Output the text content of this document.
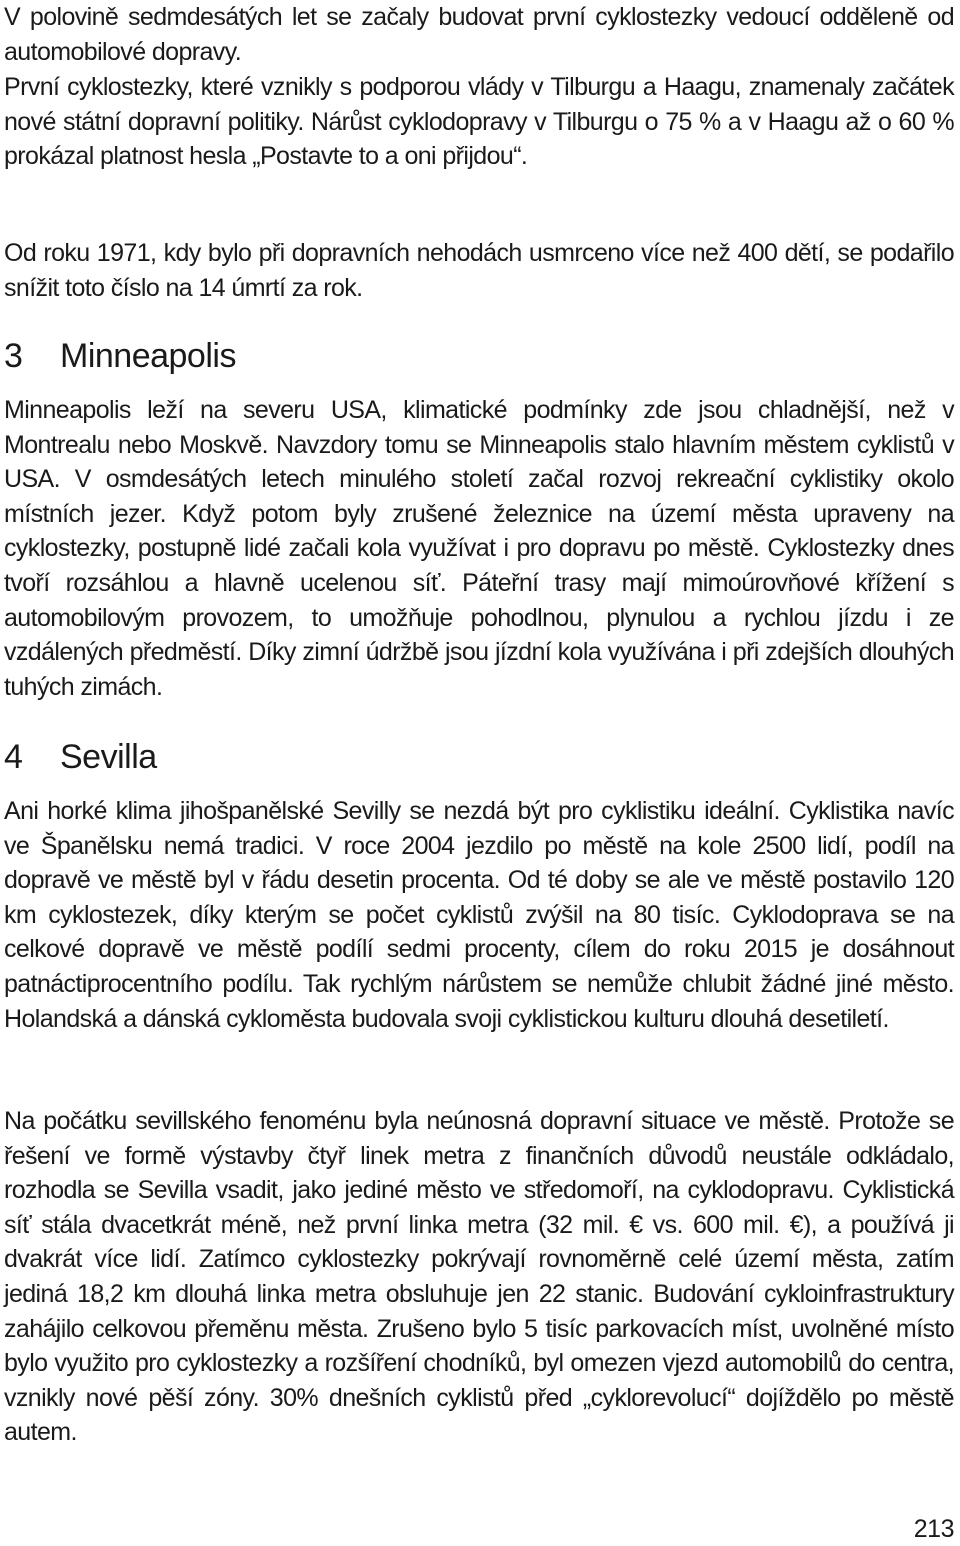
V polovině sedmdesátých let se začaly budovat první cyklostezky vedoucí odděleně od automobilové dopravy.

První cyklostezky, které vznikly s podporou vlády v Tilburgu a Haagu, znamenaly začátek nové státní dopravní politiky. Nárůst cyklodopravy v Tilburgu o 75 % a v Haagu až o 60 % prokázal platnost hesla „Postavte to a oni přijdou“.

Od roku 1971, kdy bylo při dopravních nehodách usmrceno více než 400 dětí, se podařilo snížit toto číslo na 14 úmrtí za rok.

3 Minneapolis

Minneapolis leží na severu USA, klimatické podmínky zde jsou chladnější, než v Montrealu nebo Moskvě. Navzdory tomu se Minneapolis stalo hlavním městem cyklistů v USA. V osmdesátých letech minulého století začal rozvoj rekreační cyklistiky okolo místních jezer. Když potom byly zrušené železnice na území města upraveny na cyklostezky, postupně lidé začali kola využívat i pro dopravu po městě. Cyklostezky dnes tvoří rozsáhlou a hlavně ucelenou síť. Páteřní trasy mají mimoúrovňové křížení s automobilovým provozem, to umožňuje pohodlnou, plynulou a rychlou jízdu i ze vzdálených předměstí. Díky zimní údržbě jsou jízdní kola využívána i při zdejších dlouhých tuhých zimách.

4 Sevilla

Ani horké klima jihošpanělské Sevilly se nezdá být pro cyklistiku ideální. Cyklistika navíc ve Španělsku nemá tradici. V roce 2004 jezdilo po městě na kole 2500 lidí, podíl na dopravě ve městě byl v řádu desetin procenta. Od té doby se ale ve městě postavilo 120 km cyklostezek, díky kterým se počet cyklistů zvýšil na 80 tisíc. Cyklodoprava se na celkové dopravě ve městě podílí sedmi procenty, cílem do roku 2015 je dosáhnout patnáctiprocentního podílu. Tak rychlým nárůstem se nemůže chlubit žádné jiné město. Holandská a dánská cykloměsta budovala svoji cyklistickou kulturu dlouhá desetiletí.

Na počátku sevillského fenoménu byla neúnosná dopravní situace ve městě. Protože se řešení ve formě výstavby čtyř linek metra z finančních důvodů neustále odkládalo, rozhodla se Sevilla vsadit, jako jediné město ve středomoří, na cyklodopravu. Cyklistická síť stála dvacetkrát méně, než první linka metra (32 mil. € vs. 600 mil. €), a používá ji dvakrát více lidí. Zatímco cyklostezky pokrývají rovnoměrně celé území města, zatím jediná 18,2 km dlouhá linka metra obsluhuje jen 22 stanic. Budování cykloinfrastruktury zahájilo celkovou přeměnu města. Zrušeno bylo 5 tisíc parkovacích míst, uvolněné místo bylo využito pro cyklostezky a rozšíření chodníků, byl omezen vjezd automobilů do centra, vznikly nové pěší zóny. 30% dnešních cyklistů před „cyklorevolucí“ dojíždělo po městě autem.

213
